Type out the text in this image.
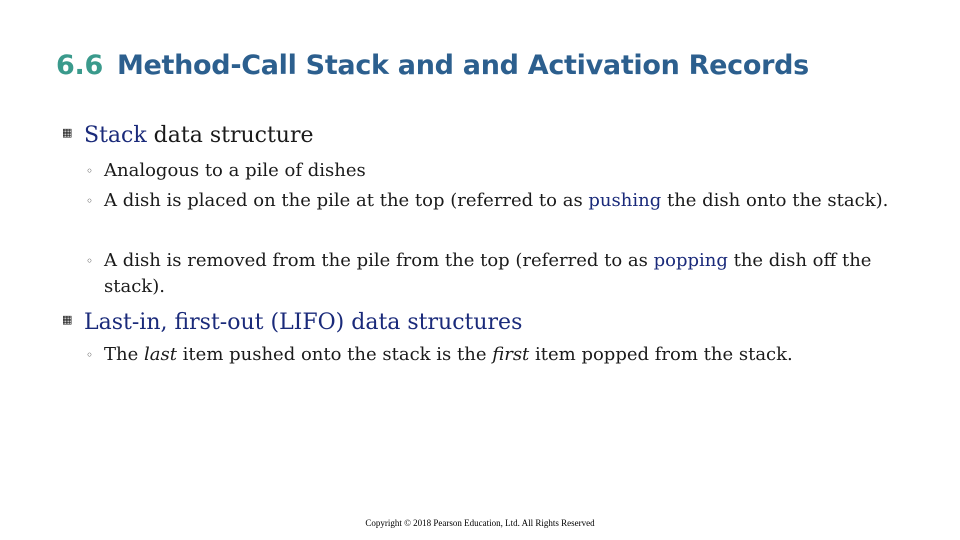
6.6 Method-Call Stack and and Activation Records
▦ Stack data structure
◦ Analogous to a pile of dishes
◦ A dish is placed on the pile at the top (referred to as pushing the dish onto the stack).
◦ A dish is removed from the pile from the top (referred to as popping the dish off the stack).
▦ Last-in, first-out (LIFO) data structures
◦ The last item pushed onto the stack is the first item popped from the stack.
Copyright © 2018 Pearson Education, Ltd. All Rights Reserved
